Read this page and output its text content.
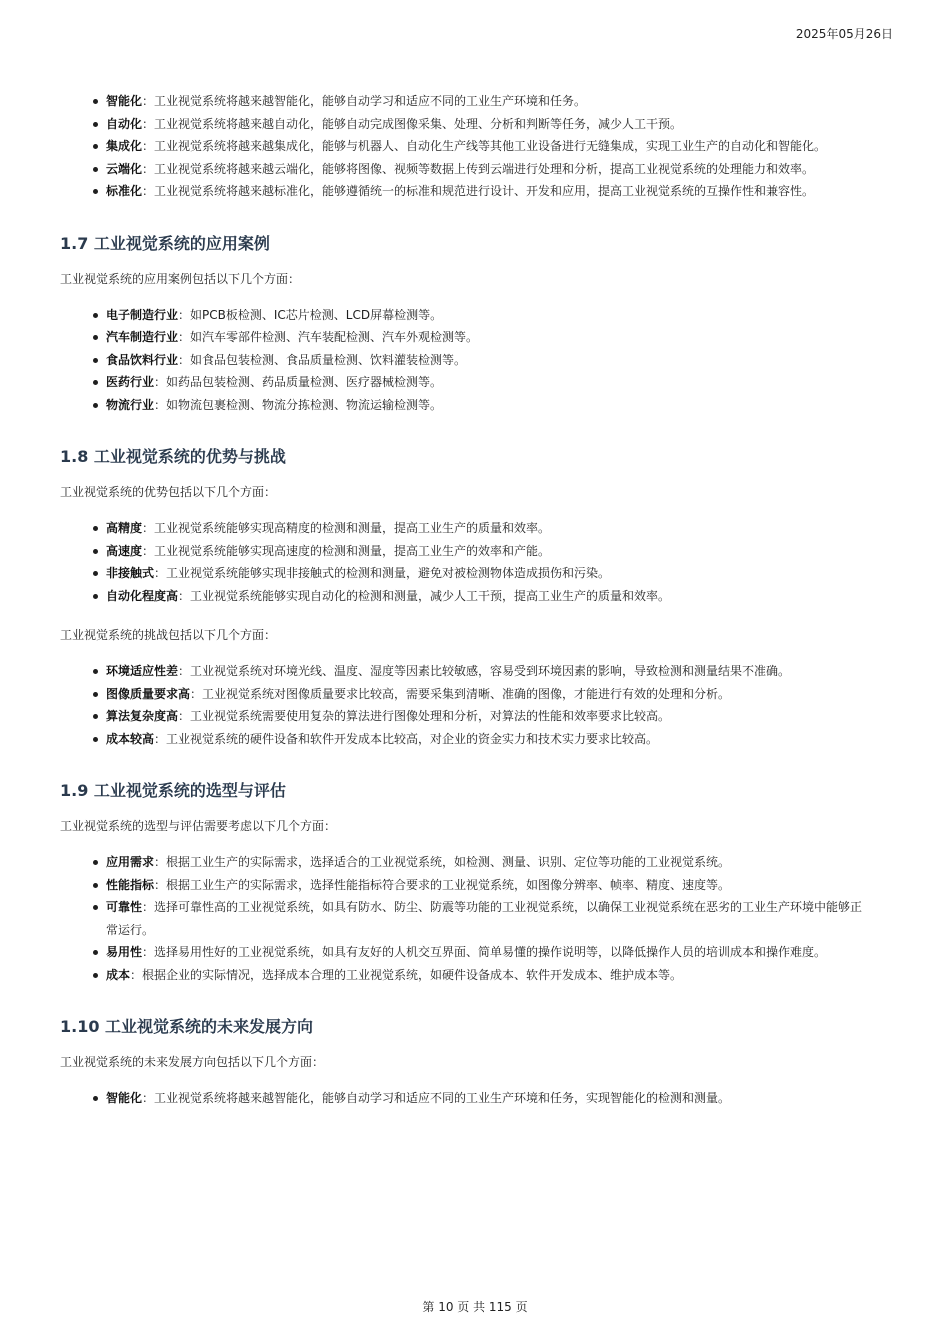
2025年05月26日
智能化：工业视觉系统将越来越智能化，能够自动学习和适应不同的工业生产环境和任务。
自动化：工业视觉系统将越来越自动化，能够自动完成图像采集、处理、分析和判断等任务，减少人工干预。
集成化：工业视觉系统将越来越集成化，能够与机器人、自动化生产线等其他工业设备进行无缝集成，实现工业生产的自动化和智能化。
云端化：工业视觉系统将越来越云端化，能够将图像、视频等数据上传到云端进行处理和分析，提高工业视觉系统的处理能力和效率。
标准化：工业视觉系统将越来越标准化，能够遵循统一的标准和规范进行设计、开发和应用，提高工业视觉系统的互操作性和兼容性。
1.7 工业视觉系统的应用案例

工业视觉系统的应用案例包括以下几个方面：

电子制造行业：如PCB板检测、IC芯片检测、LCD屏幕检测等。
汽车制造行业：如汽车零部件检测、汽车装配检测、汽车外观检测等。
食品饮料行业：如食品包装检测、食品质量检测、饮料灌装检测等。
医药行业：如药品包装检测、药品质量检测、医疗器械检测等。
物流行业：如物流包裹检测、物流分拣检测、物流运输检测等。
1.8 工业视觉系统的优势与挑战

工业视觉系统的优势包括以下几个方面：

高精度：工业视觉系统能够实现高精度的检测和测量，提高工业生产的质量和效率。
高速度：工业视觉系统能够实现高速度的检测和测量，提高工业生产的效率和产能。
非接触式：工业视觉系统能够实现非接触式的检测和测量，避免对被检测物体造成损伤和污染。
自动化程度高：工业视觉系统能够实现自动化的检测和测量，减少人工干预，提高工业生产的质量和效率。

工业视觉系统的挑战包括以下几个方面：

环境适应性差：工业视觉系统对环境光线、温度、湿度等因素比较敏感，容易受到环境因素的影响，导致检测和测量结果不准确。
图像质量要求高：工业视觉系统对图像质量要求比较高，需要采集到清晰、准确的图像，才能进行有效的处理和分析。
算法复杂度高：工业视觉系统需要使用复杂的算法进行图像处理和分析，对算法的性能和效率要求比较高。
成本较高：工业视觉系统的硬件设备和软件开发成本比较高，对企业的资金实力和技术实力要求比较高。
1.9 工业视觉系统的选型与评估

工业视觉系统的选型与评估需要考虑以下几个方面：

应用需求：根据工业生产的实际需求，选择适合的工业视觉系统，如检测、测量、识别、定位等功能的工业视觉系统。
性能指标：根据工业生产的实际需求，选择性能指标符合要求的工业视觉系统，如图像分辨率、帧率、精度、速度等。
可靠性：选择可靠性高的工业视觉系统，如具有防水、防尘、防震等功能的工业视觉系统，以确保工业视觉系统在恶劣的工业生产环境中能够正常运行。
易用性：选择易用性好的工业视觉系统，如具有友好的人机交互界面、简单易懂的操作说明等，以降低操作人员的培训成本和操作难度。
成本：根据企业的实际情况，选择成本合理的工业视觉系统，如硬件设备成本、软件开发成本、维护成本等。
1.10 工业视觉系统的未来发展方向

工业视觉系统的未来发展方向包括以下几个方面：

智能化：工业视觉系统将越来越智能化，能够自动学习和适应不同的工业生产环境和任务，实现智能化的检测和测量。
第 10 页 共 115 页
